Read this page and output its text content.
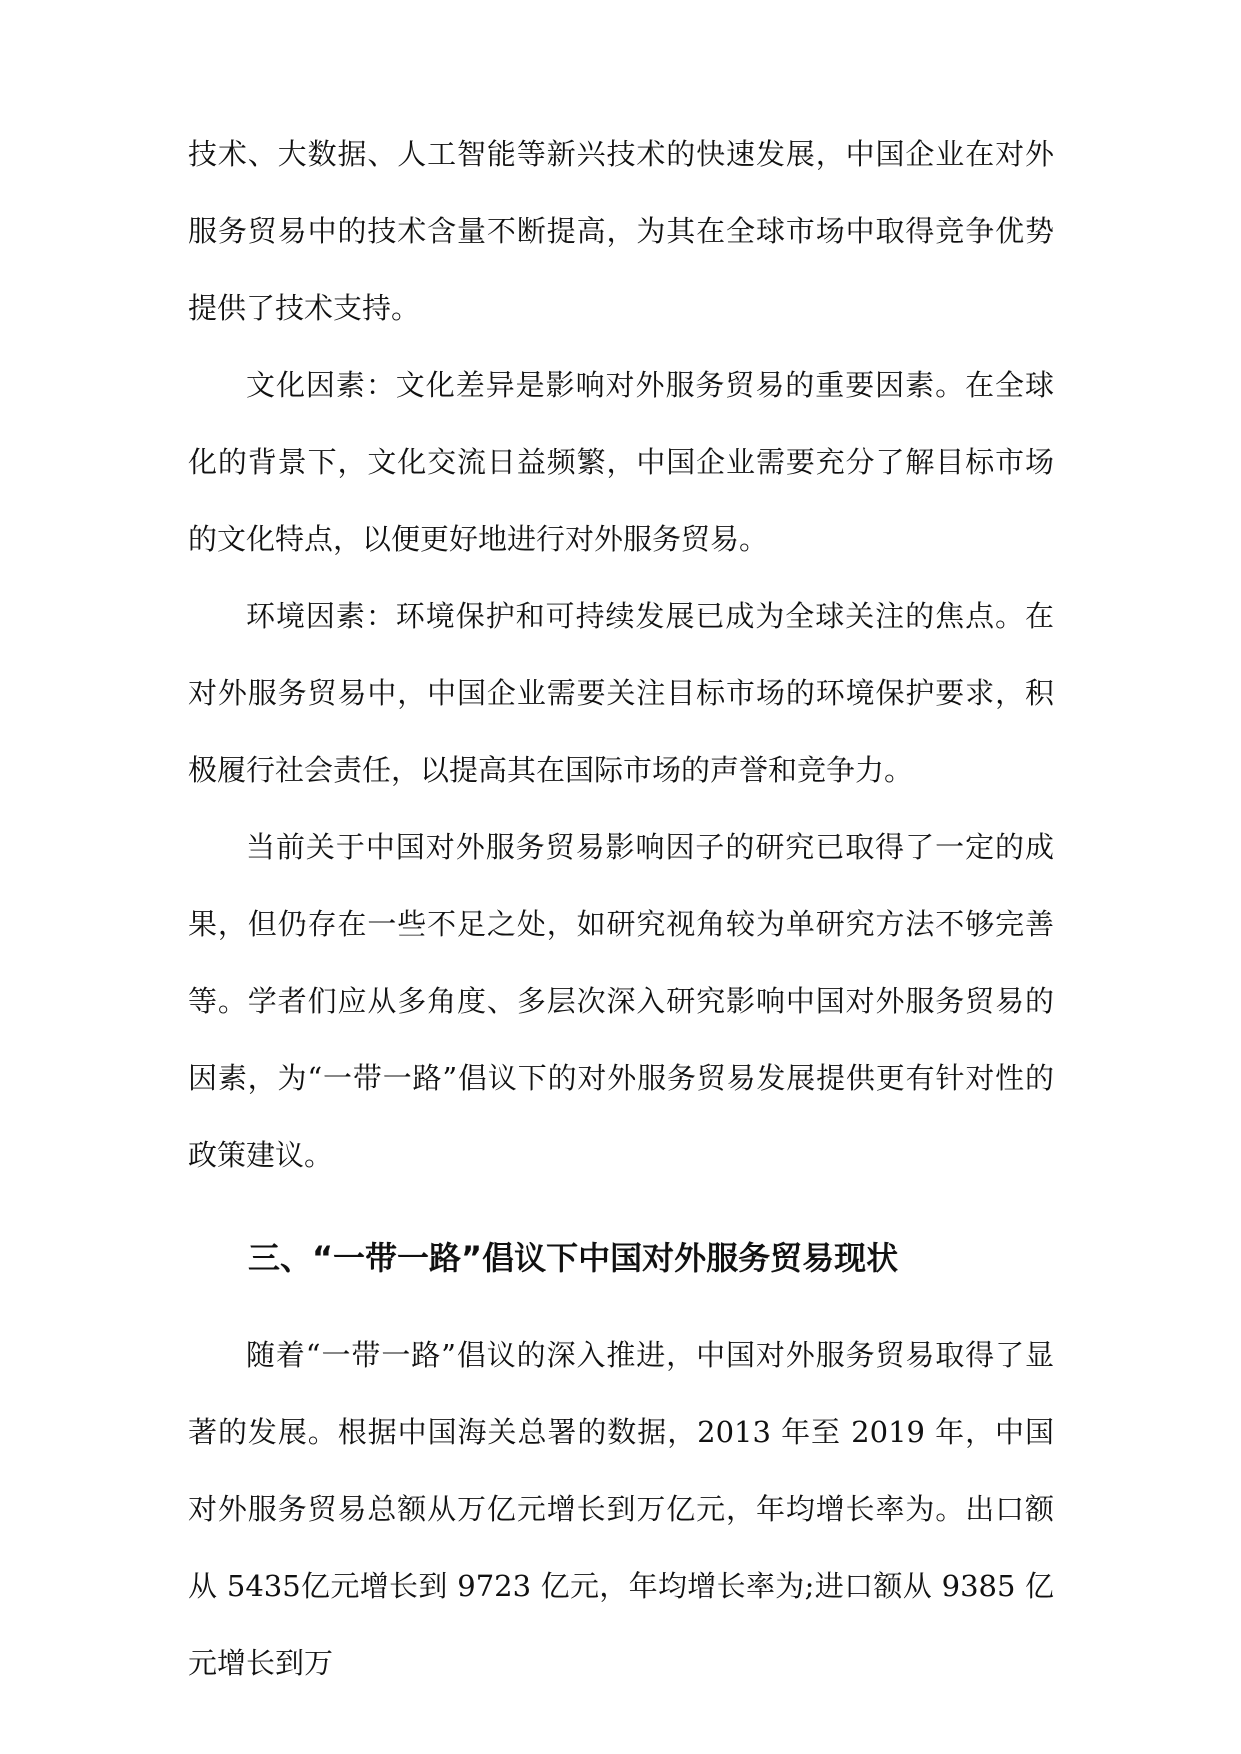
技术、大数据、人工智能等新兴技术的快速发展，中国企业在对外服务贸易中的技术含量不断提高，为其在全球市场中取得竞争优势提供了技术支持。

文化因素：文化差异是影响对外服务贸易的重要因素。在全球化的背景下，文化交流日益频繁，中国企业需要充分了解目标市场的文化特点，以便更好地进行对外服务贸易。

环境因素：环境保护和可持续发展已成为全球关注的焦点。在对外服务贸易中，中国企业需要关注目标市场的环境保护要求，积极履行社会责任，以提高其在国际市场的声誉和竞争力。

当前关于中国对外服务贸易影响因子的研究已取得了一定的成果，但仍存在一些不足之处，如研究视角较为单研究方法不够完善等。学者们应从多角度、多层次深入研究影响中国对外服务贸易的因素，为“一带一路”倡议下的对外服务贸易发展提供更有针对性的政策建议。

三、“一带一路”倡议下中国对外服务贸易现状

随着“一带一路”倡议的深入推进，中国对外服务贸易取得了显著的发展。根据中国海关总署的数据，2013 年至 2019 年，中国对外服务贸易总额从万亿元增长到万亿元，年均增长率为。出口额从 5435亿元增长到 9723 亿元，年均增长率为;进口额从 9385 亿元增长到万
